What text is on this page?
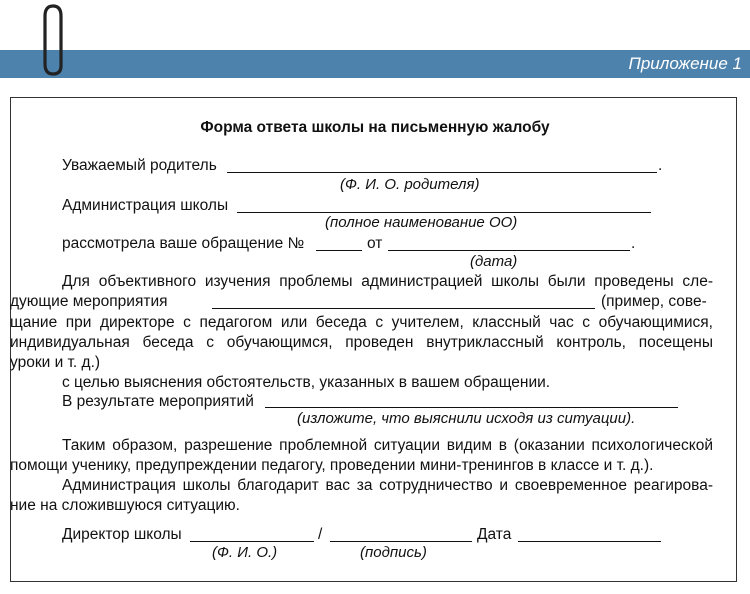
Приложение 1
Форма ответа школы на письменную жалобу
Уважаемый родитель	.
(Ф. И. О. родителя)
Администрация школы
(полное наименование ОО)
рассмотрела ваше обращение №	от	.
(дата)
Для объективного изучения проблемы администрацией школы были проведены сле-
дующие мероприятия	(пример, сове-
щание при директоре с педагогом или беседа с учителем, классный час с обучающимися,
индивидуальная беседа с обучающимся, проведен внутриклассный контроль, посещены
уроки и т. д.)
с целью выяснения обстоятельств, указанных в вашем обращении.
В результате мероприятий
(изложите, что выяснили исходя из ситуации).
Таким образом, разрешение проблемной ситуации видим в (оказании психологической
помощи ученику, предупреждении педагогу, проведении мини-тренингов в классе и т. д.).
Администрация школы благодарит вас за сотрудничество и своевременное реагирова-
ние на сложившуюся ситуацию.
Директор школы	/	Дата
(Ф. И. О.)	(подпись)
